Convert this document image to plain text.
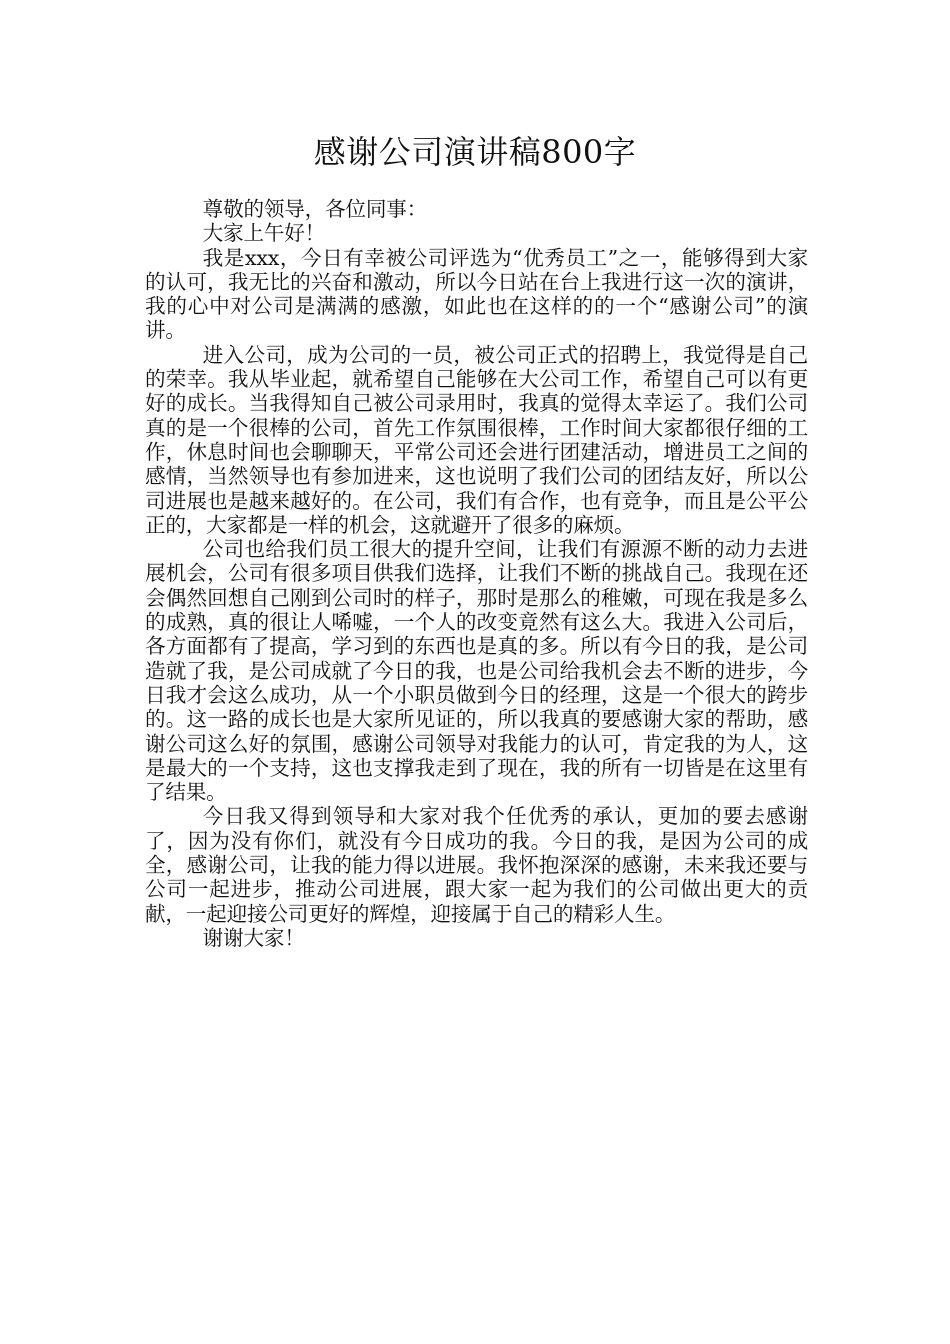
感谢公司演讲稿800字

尊敬的领导，各位同事：

大家上午好！

我是xxx，今日有幸被公司评选为“优秀员工”之一，能够得到大家的认可，我无比的兴奋和激动，所以今日站在台上我进行这一次的演讲，我的心中对公司是满满的感激，如此也在这样的的一个“感谢公司”的演讲。

进入公司，成为公司的一员，被公司正式的招聘上，我觉得是自己的荣幸。我从毕业起，就希望自己能够在大公司工作，希望自己可以有更好的成长。当我得知自己被公司录用时，我真的觉得太幸运了。我们公司真的是一个很棒的公司，首先工作氛围很棒，工作时间大家都很仔细的工作，休息时间也会聊聊天，平常公司还会进行团建活动，增进员工之间的感情，当然领导也有参加进来，这也说明了我们公司的团结友好，所以公司进展也是越来越好的。在公司，我们有合作，也有竞争，而且是公平公正的，大家都是一样的机会，这就避开了很多的麻烦。

公司也给我们员工很大的提升空间，让我们有源源不断的动力去进展机会，公司有很多项目供我们选择，让我们不断的挑战自己。我现在还会偶然回想自己刚到公司时的样子，那时是那么的稚嫩，可现在我是多么的成熟，真的很让人唏嘘，一个人的改变竟然有这么大。我进入公司后，各方面都有了提高，学习到的东西也是真的多。所以有今日的我，是公司造就了我，是公司成就了今日的我，也是公司给我机会去不断的进步，今日我才会这么成功，从一个小职员做到今日的经理，这是一个很大的跨步的。这一路的成长也是大家所见证的，所以我真的要感谢大家的帮助，感谢公司这么好的氛围，感谢公司领导对我能力的认可，肯定我的为人，这是最大的一个支持，这也支撑我走到了现在，我的所有一切皆是在这里有了结果。

今日我又得到领导和大家对我个任优秀的承认，更加的要去感谢了，因为没有你们，就没有今日成功的我。今日的我，是因为公司的成全，感谢公司，让我的能力得以进展。我怀抱深深的感谢，未来我还要与公司一起进步，推动公司进展，跟大家一起为我们的公司做出更大的贡献，一起迎接公司更好的辉煌，迎接属于自己的精彩人生。

谢谢大家！
